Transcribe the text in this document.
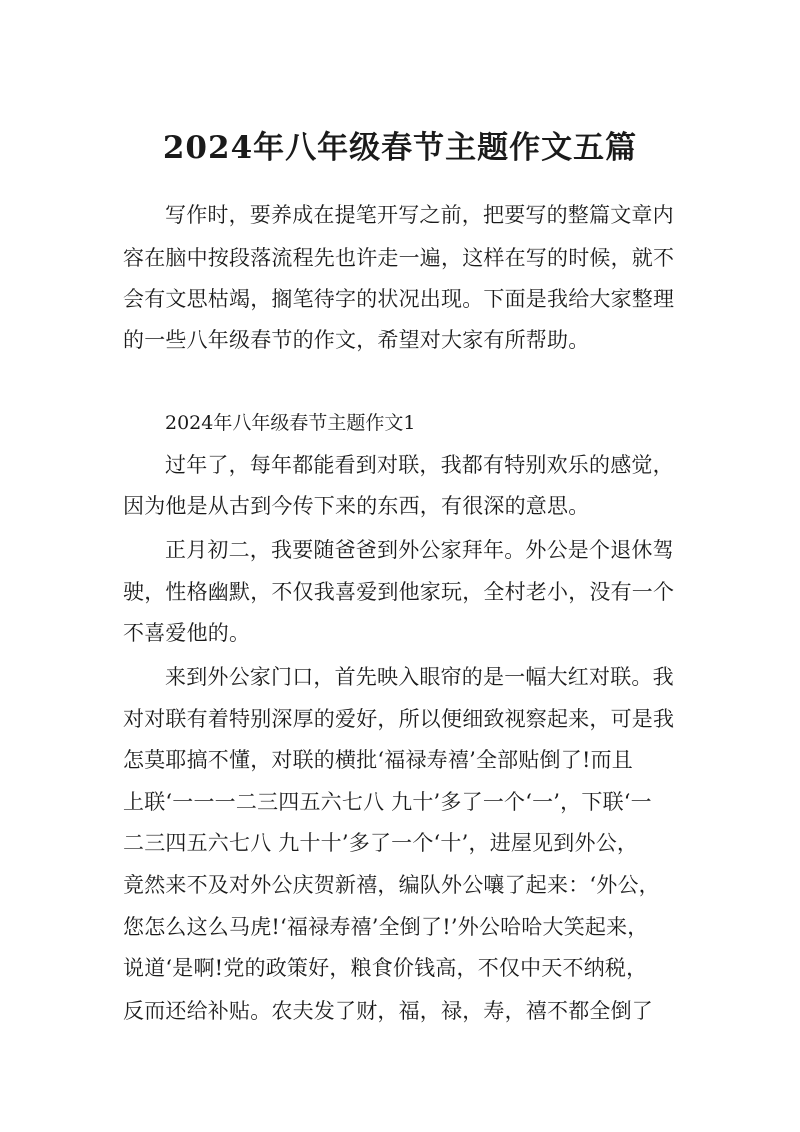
2024年八年级春节主题作文五篇
写作时，要养成在提笔开写之前，把要写的整篇文章内
容在脑中按段落流程先也许走一遍，这样在写的时候，就不
会有文思枯竭，搁笔待字的状况出现。下面是我给大家整理
的一些八年级春节的作文，希望对大家有所帮助。
2024年八年级春节主题作文1
过年了，每年都能看到对联，我都有特别欢乐的感觉，
因为他是从古到今传下来的东西，有很深的意思。
正月初二，我要随爸爸到外公家拜年。外公是个退休驾
驶，性格幽默，不仅我喜爱到他家玩，全村老小，没有一个
不喜爱他的。
来到外公家门口，首先映入眼帘的是一幅大红对联。我
对对联有着特别深厚的爱好，所以便细致视察起来，可是我
怎莫耶搞不懂，对联的横批‘福禄寿禧’全部贴倒了!而且
上联‘一一一二三四五六七八 九十’多了一个‘一’，下联‘一
二三四五六七八 九十十’多了一个‘十’，进屋见到外公，
竟然来不及对外公庆贺新禧，编队外公嚷了起来：‘外公，
您怎么这么马虎!‘福禄寿禧’全倒了!’外公哈哈大笑起来，
说道‘是啊!党的政策好，粮食价钱高，不仅中天不纳税，
反而还给补贴。农夫发了财，福，禄，寿，禧不都全倒了
